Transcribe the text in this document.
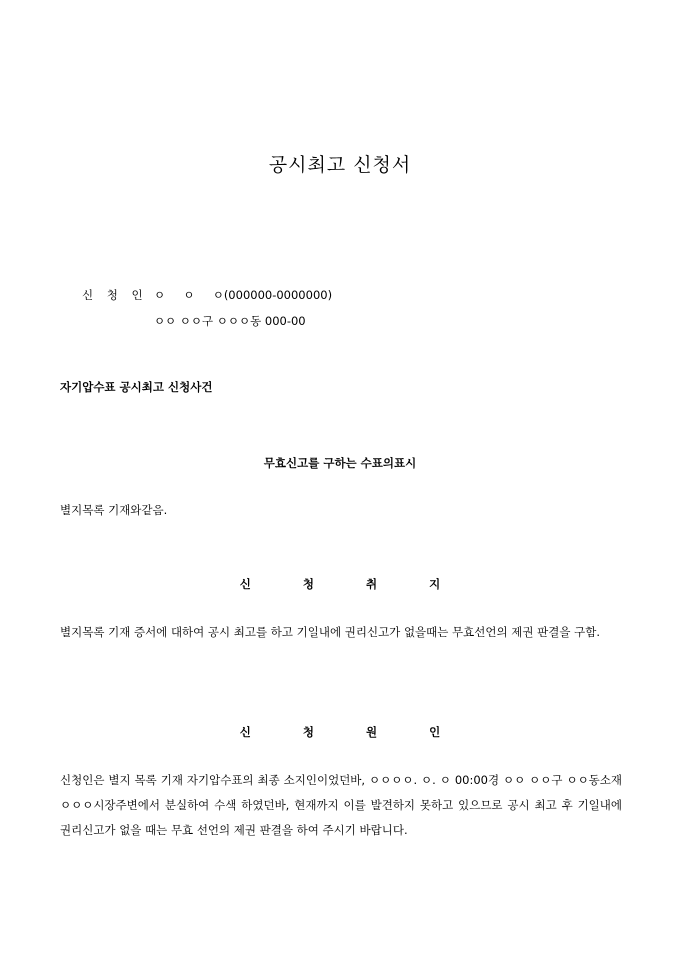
공시최고 신청서

신 청 인 ㅇ     ㅇ     ㅇ(000000-0000000)

ㅇㅇ ㅇㅇ구 ㅇㅇㅇ동 000-00

자기압수표 공시최고 신청사건
무효신고를 구하는 수표의표시
별지목록 기재와같음.
신	청	취	지
별지목록 기재 증서에 대하여 공시 최고를 하고 기일내에 권리신고가 없을때는 무효선언의 제권 판결을 구함.
신	청	원	인
신청인은 별지 목록 기재 자기압수표의 최종 소지인이었던바, ㅇㅇㅇㅇ. ㅇ. ㅇ 00:00경 ㅇㅇ ㅇㅇ구 ㅇㅇ동소재 ㅇㅇㅇ시장주변에서 분실하여 수색 하였던바, 현재까지 이를 발견하지 못하고 있으므로 공시 최고 후 기일내에 권리신고가 없을 때는 무효 선언의 제권 판결을 하여 주시기 바랍니다.
